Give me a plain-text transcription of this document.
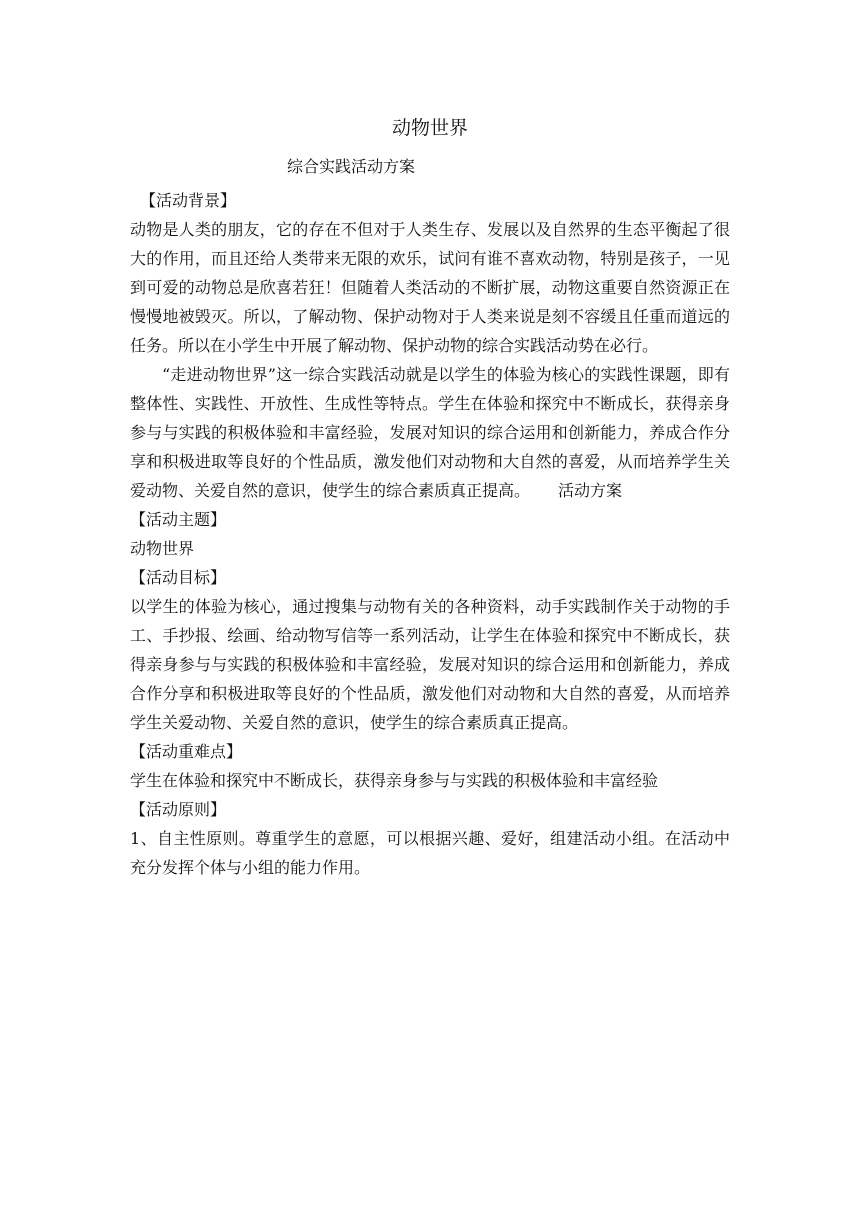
动物世界
综合实践活动方案

【活动背景】

动物是人类的朋友，它的存在不但对于人类生存、发展以及自然界的生态平衡起了很大的作用，而且还给人类带来无限的欢乐，试问有谁不喜欢动物，特别是孩子，一见到可爱的动物总是欣喜若狂！但随着人类活动的不断扩展，动物这重要自然资源正在慢慢地被毁灭。所以，了解动物、保护动物对于人类来说是刻不容缓且任重而道远的任务。所以在小学生中开展了解动物、保护动物的综合实践活动势在必行。

“走进动物世界”这一综合实践活动就是以学生的体验为核心的实践性课题，即有整体性、实践性、开放性、生成性等特点。学生在体验和探究中不断成长，获得亲身参与与实践的积极体验和丰富经验，发展对知识的综合运用和创新能力，养成合作分享和积极进取等良好的个性品质，激发他们对动物和大自然的喜爱，从而培养学生关爱动物、关爱自然的意识，使学生的综合素质真正提高。 活动方案

【活动主题】

动物世界

【活动目标】

以学生的体验为核心，通过搜集与动物有关的各种资料，动手实践制作关于动物的手工、手抄报、绘画、给动物写信等一系列活动，让学生在体验和探究中不断成长，获得亲身参与与实践的积极体验和丰富经验，发展对知识的综合运用和创新能力，养成合作分享和积极进取等良好的个性品质，激发他们对动物和大自然的喜爱，从而培养学生关爱动物、关爱自然的意识，使学生的综合素质真正提高。

【活动重难点】

学生在体验和探究中不断成长，获得亲身参与与实践的积极体验和丰富经验

【活动原则】

1、自主性原则。尊重学生的意愿，可以根据兴趣、爱好，组建活动小组。在活动中充分发挥个体与小组的能力作用。
